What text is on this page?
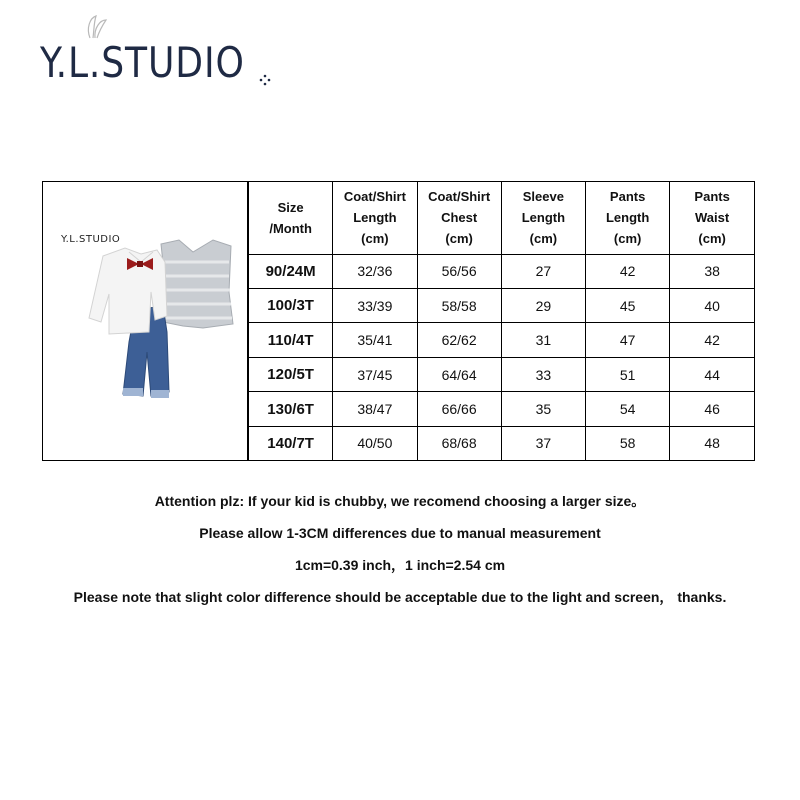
Y.L.STUDIO
Y.L.STUDIO
Size
/Month	Coat/Shirt
Length
(cm)	Coat/Shirt
Chest
(cm)	Sleeve
Length
(cm)	Pants
Length
(cm)	Pants
Waist
(cm)

90/24M	32/36	56/56	27	42	38
100/3T	33/39	58/58	29	45	40
110/4T	35/41	62/62	31	47	42
120/5T	37/45	64/64	33	51	44
130/6T	38/47	66/66	35	54	46
140/7T	40/50	68/68	37	58	48
Attention plz: If your kid is chubby, we recomend choosing a larger size。
Please allow 1-3CM differences due to manual measurement
1cm=0.39 inch，1 inch=2.54 cm
Please note that slight color difference should be acceptable due to the light and screen， thanks.
